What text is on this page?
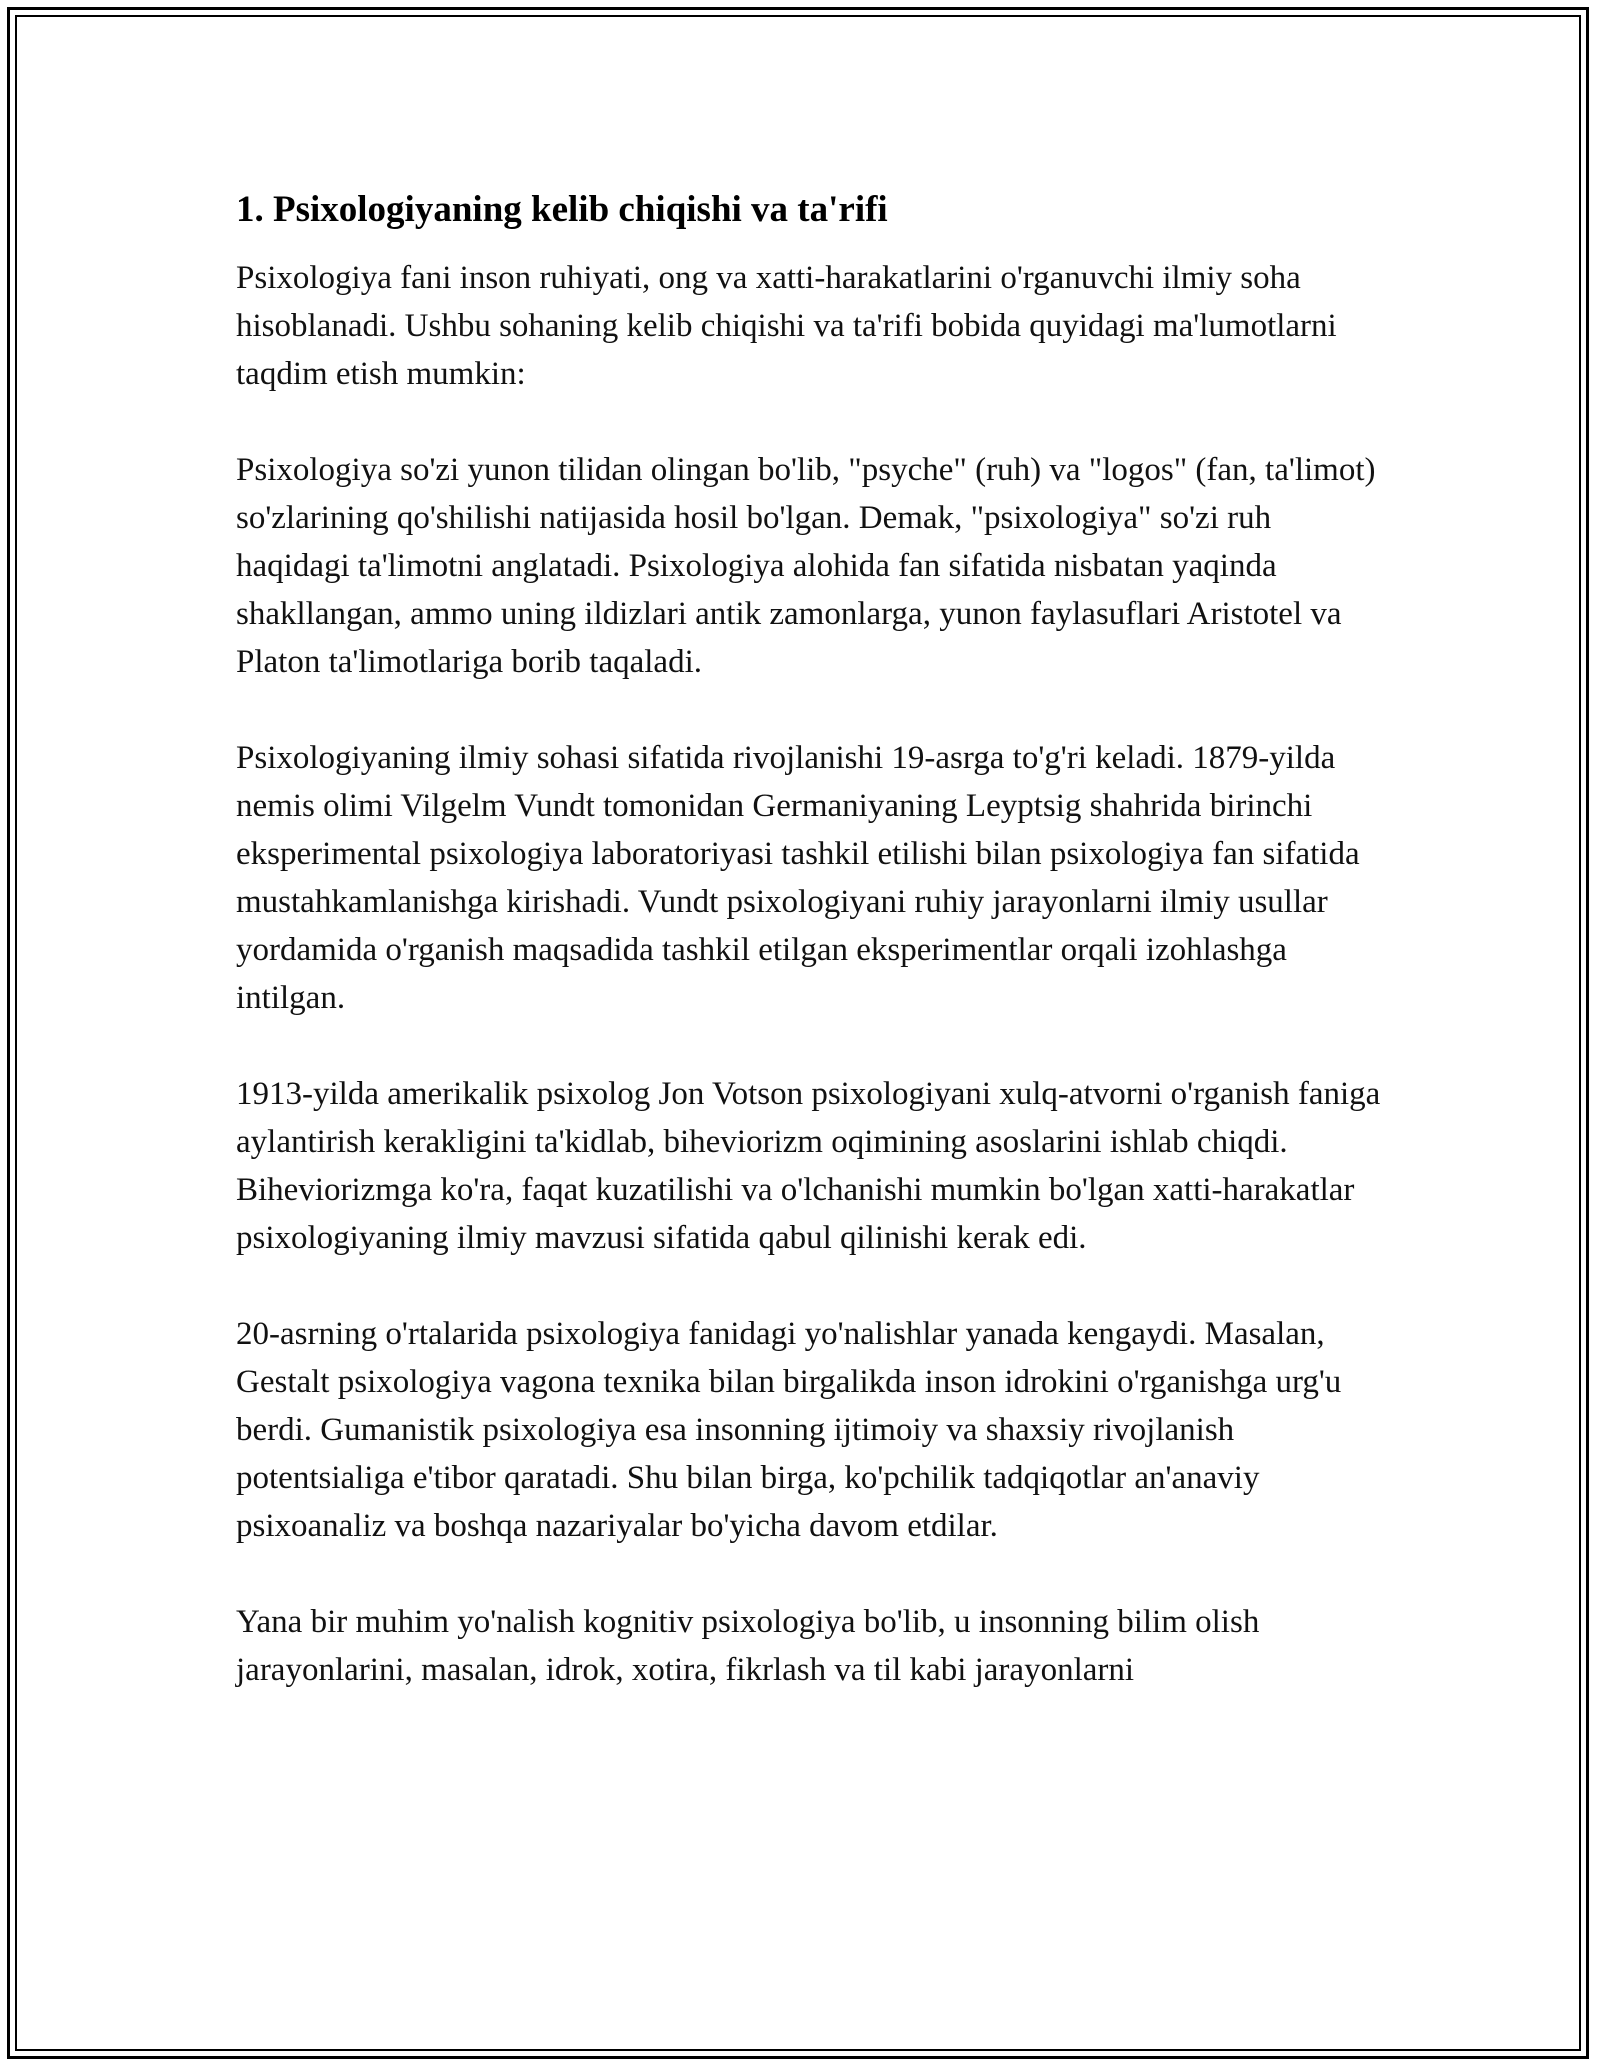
1. Psixologiyaning kelib chiqishi va ta'rifi

Psixologiya fani inson ruhiyati, ong va xatti-harakatlarini o'rganuvchi ilmiy soha hisoblanadi. Ushbu sohaning kelib chiqishi va ta'rifi bobida quyidagi ma'lumotlarni taqdim etish mumkin:

Psixologiya so'zi yunon tilidan olingan bo'lib, "psyche" (ruh) va "logos" (fan, ta'limot) so'zlarining qo'shilishi natijasida hosil bo'lgan. Demak, "psixologiya" so'zi ruh haqidagi ta'limotni anglatadi. Psixologiya alohida fan sifatida nisbatan yaqinda shakllangan, ammo uning ildizlari antik zamonlarga, yunon faylasuflari Aristotel va Platon ta'limotlariga borib taqaladi.

Psixologiyaning ilmiy sohasi sifatida rivojlanishi 19-asrga to'g'ri keladi. 1879-yilda nemis olimi Vilgelm Vundt tomonidan Germaniyaning Leyptsig shahrida birinchi eksperimental psixologiya laboratoriyasi tashkil etilishi bilan psixologiya fan sifatida mustahkamlanishga kirishadi. Vundt psixologiyani ruhiy jarayonlarni ilmiy usullar yordamida o'rganish maqsadida tashkil etilgan eksperimentlar orqali izohlashga intilgan.

1913-yilda amerikalik psixolog Jon Votson psixologiyani xulq-atvorni o'rganish faniga aylantirish kerakligini ta'kidlab, biheviorizm oqimining asoslarini ishlab chiqdi. Biheviorizmga ko'ra, faqat kuzatilishi va o'lchanishi mumkin bo'lgan xatti-harakatlar psixologiyaning ilmiy mavzusi sifatida qabul qilinishi kerak edi.

20-asrning o'rtalarida psixologiya fanidagi yo'nalishlar yanada kengaydi. Masalan, Gestalt psixologiya vagona texnika bilan birgalikda inson idrokini o'rganishga urg'u berdi. Gumanistik psixologiya esa insonning ijtimoiy va shaxsiy rivojlanish potentsialiga e'tibor qaratadi. Shu bilan birga, ko'pchilik tadqiqotlar an'anaviy psixoanaliz va boshqa nazariyalar bo'yicha davom etdilar.

Yana bir muhim yo'nalish kognitiv psixologiya bo'lib, u insonning bilim olish jarayonlarini, masalan, idrok, xotira, fikrlash va til kabi jarayonlarni
